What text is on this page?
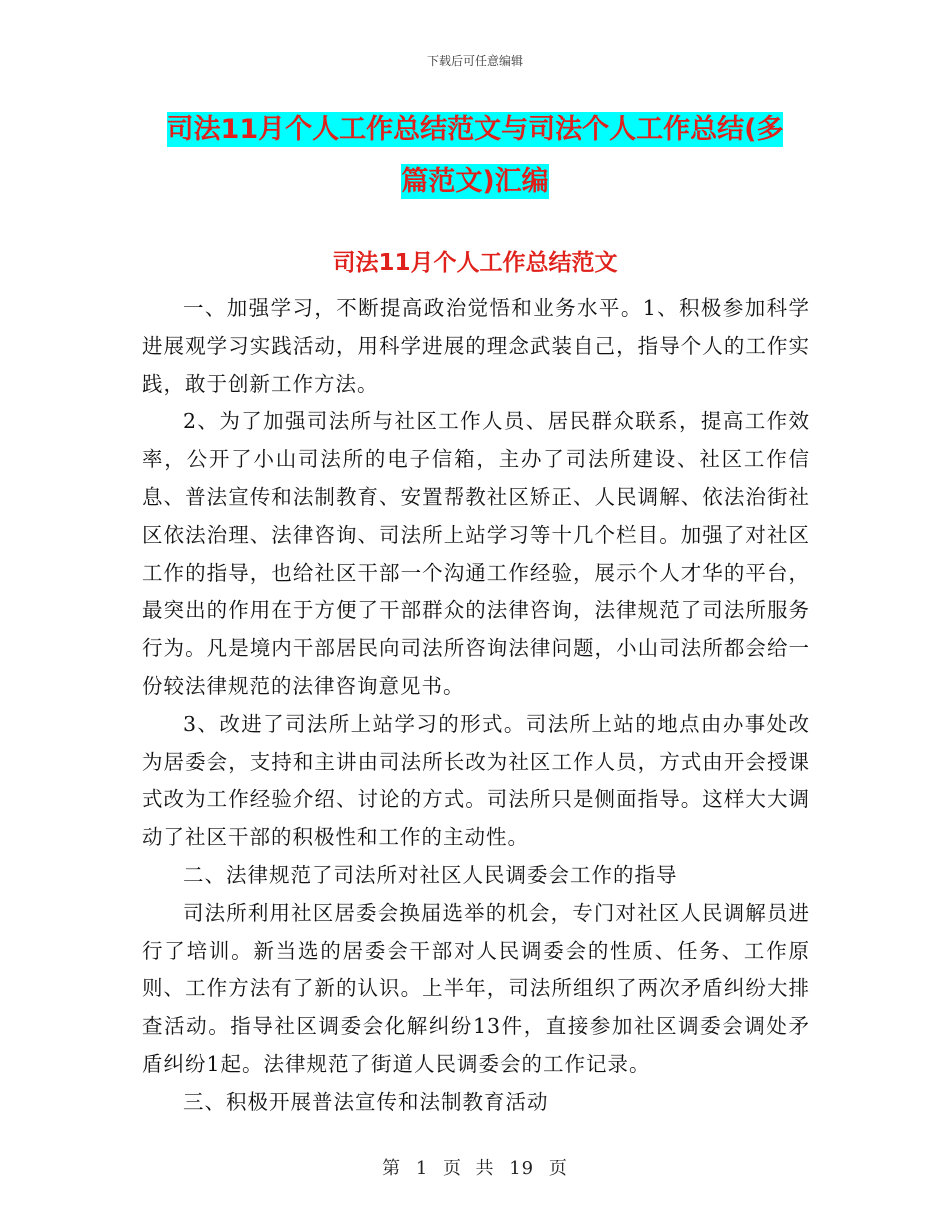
下载后可任意编辑
司法11月个人工作总结范文与司法个人工作总结(多
篇范文)汇编
司法11月个人工作总结范文

一、加强学习，不断提高政治觉悟和业务水平。1、积极参加科学进展观学习实践活动，用科学进展的理念武装自己，指导个人的工作实践，敢于创新工作方法。

2、为了加强司法所与社区工作人员、居民群众联系，提高工作效率，公开了小山司法所的电子信箱，主办了司法所建设、社区工作信息、普法宣传和法制教育、安置帮教社区矫正、人民调解、依法治街社区依法治理、法律咨询、司法所上站学习等十几个栏目。加强了对社区工作的指导，也给社区干部一个沟通工作经验，展示个人才华的平台，最突出的作用在于方便了干部群众的法律咨询，法律规范了司法所服务行为。凡是境内干部居民向司法所咨询法律问题，小山司法所都会给一份较法律规范的法律咨询意见书。

3、改进了司法所上站学习的形式。司法所上站的地点由办事处改为居委会，支持和主讲由司法所长改为社区工作人员，方式由开会授课式改为工作经验介绍、讨论的方式。司法所只是侧面指导。这样大大调动了社区干部的积极性和工作的主动性。

二、法律规范了司法所对社区人民调委会工作的指导

司法所利用社区居委会换届选举的机会，专门对社区人民调解员进行了培训。新当选的居委会干部对人民调委会的性质、任务、工作原则、工作方法有了新的认识。上半年，司法所组织了两次矛盾纠纷大排查活动。指导社区调委会化解纠纷13件，直接参加社区调委会调处矛盾纠纷1起。法律规范了街道人民调委会的工作记录。

三、积极开展普法宣传和法制教育活动

第 1 页  共 19 页
